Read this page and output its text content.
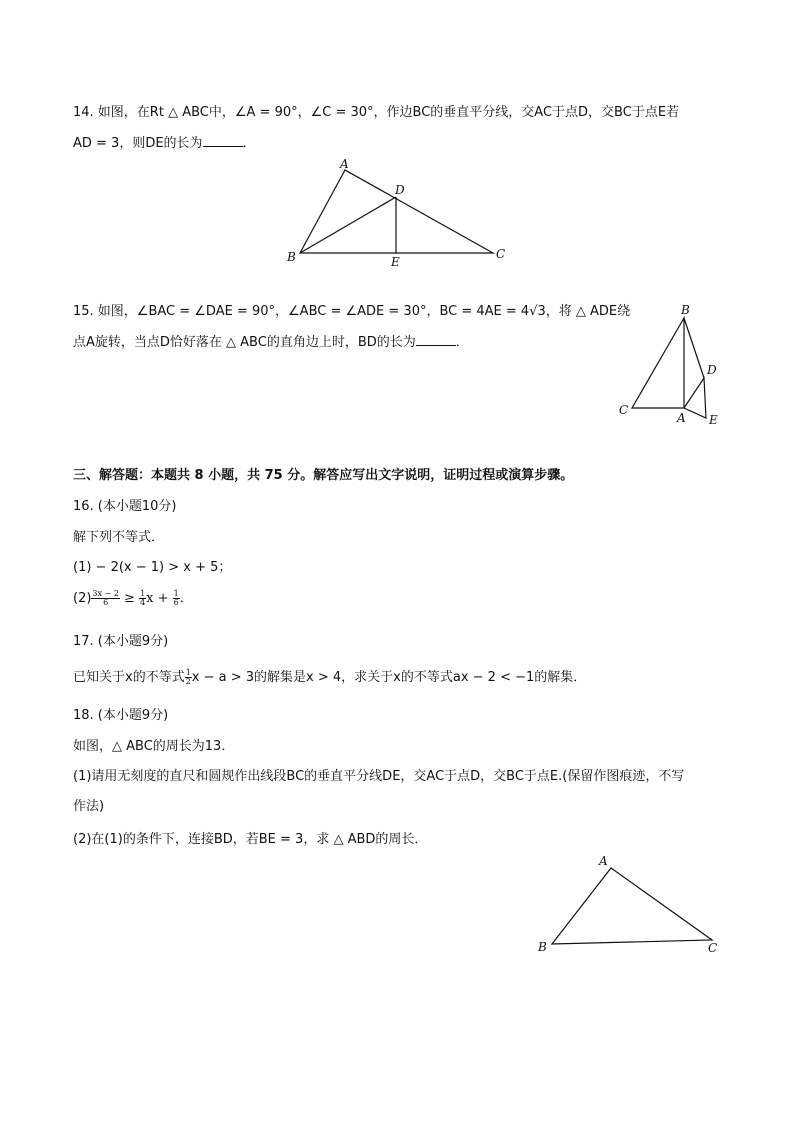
14. 如图，在Rt △ ABC中，∠A = 90°，∠C = 30°，作边BC的垂直平分线，交AC于点D，交BC于点E若
AD = 3，则DE的长为	．
A
B	C
D
E
15. 如图，∠BAC = ∠DAE = 90°，∠ABC = ∠ADE = 30°，BC = 4AE = 4√3，将 △ ADE绕
点A旋转，当点D恰好落在 △ ABC的直角边上时，BD的长为	．
B
C
A
D
E
三、解答题：本题共 8 小题，共 75 分。解答应写出文字说明，证明过程或演算步骤。
16. (本小题10分)
解下列不等式．
(1) − 2(x − 1) > x + 5；
$(2) \frac{3x - 2}{6} \ge \frac{1}{4}$ $x + \frac{1}{6}$ ．
17. (本小题9分)
已知关于x的不等式 $\frac{1}{2}$ x − a > 3的解集是x > 4，求关于x的不等式ax − 2 < −1的解集．
18. (本小题9分)
如图，△ ABC的周长为13．
(1)请用无刻度的直尺和圆规作出线段BC的垂直平分线DE，交AC于点D，交BC于点E.(保留作图痕迹，不写
作法)
(2)在(1)的条件下，连接BD，若BE = 3，求 △ ABD的周长．
A
B	C
